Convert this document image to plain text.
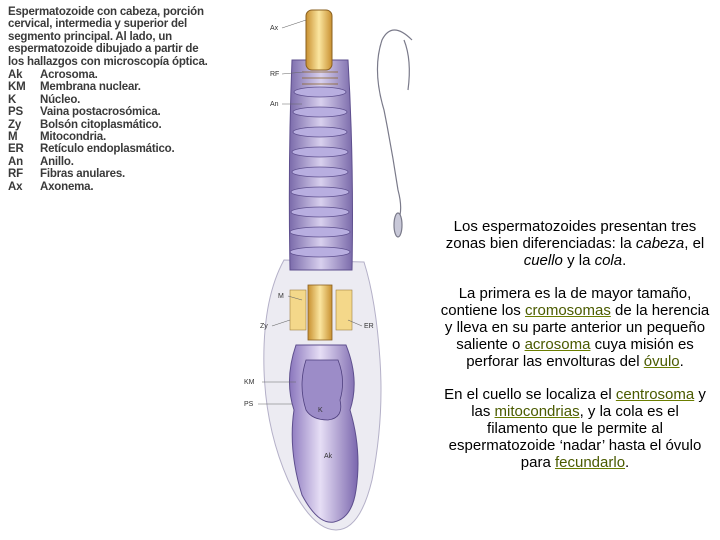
Espermatozoide con cabeza, porción cervical, intermedia y superior del segmento principal. Al lado, un espermatozoide dibujado a partir de los hallazgos con microscopía óptica.
Ak	Acrosoma.
KM	Membrana nuclear.
K	Núcleo.
PS	Vaina postacrosómica.
Zy	Bolsón citoplasmático.
M	Mitocondria.
ER	Retículo endoplasmático.
An	Anillo.
RF	Fibras anulares.
Ax	Axonema.
Ax
RF
An
M
Zy	ER
KM
PS
K
Ak

Los espermatozoides presentan tres zonas bien diferenciadas: la cabeza, el cuello y la cola.

La primera es la de mayor tamaño, contiene los cromosomas de la herencia y lleva en su parte anterior un pequeño saliente o acrosoma cuya misión es perforar las envolturas del óvulo.

En el cuello se localiza el centrosoma y las mitocondrias, y la cola es el filamento que le permite al espermatozoide ‘nadar’ hasta el óvulo para fecundarlo.
